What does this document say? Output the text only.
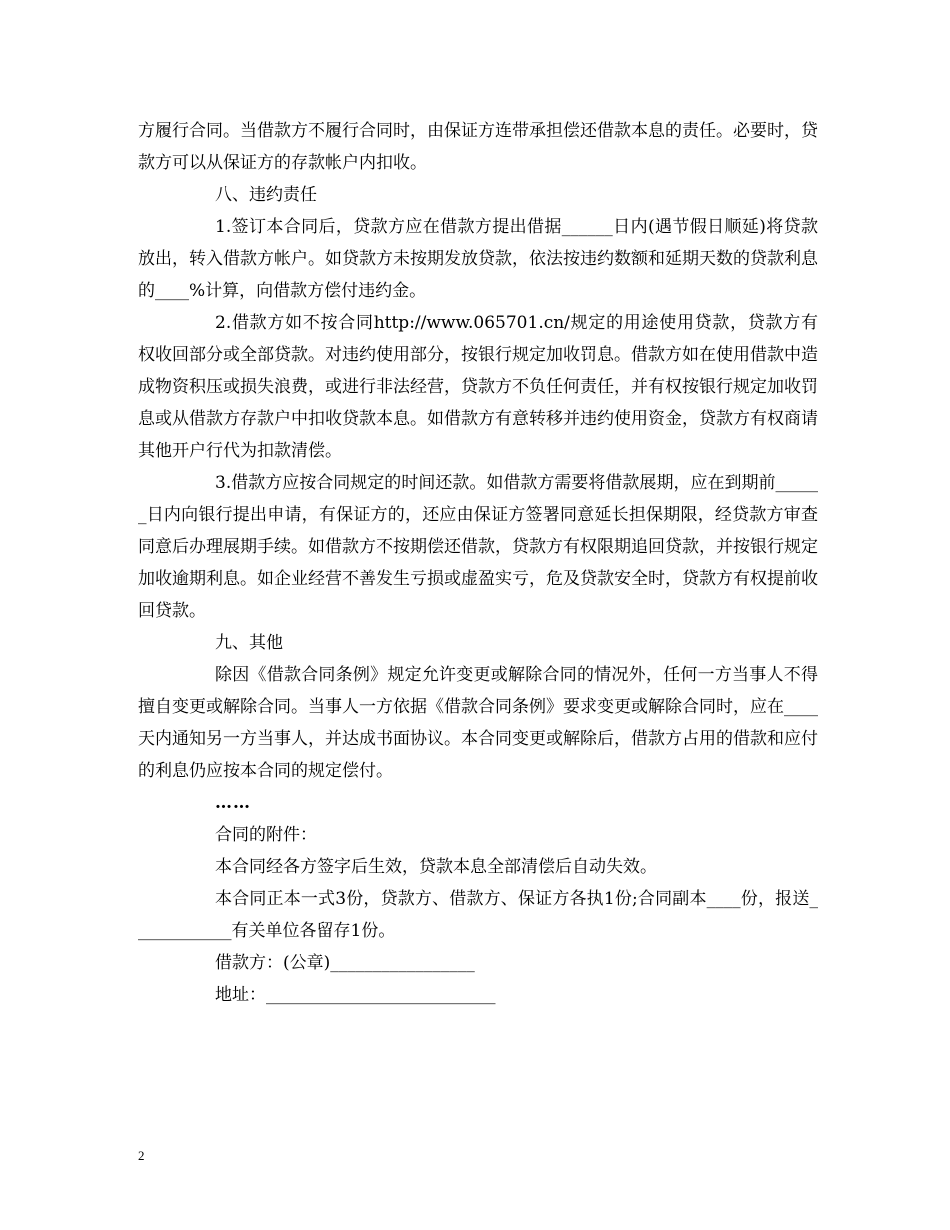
方履行合同。当借款方不履行合同时，由保证方连带承担偿还借款本息的责任。必要时，贷款方可以从保证方的存款帐户内扣收。

八、违约责任

1.签订本合同后，贷款方应在借款方提出借据______日内(遇节假日顺延)将贷款放出，转入借款方帐户。如贷款方未按期发放贷款，依法按违约数额和延期天数的贷款利息的____%计算，向借款方偿付违约金。

2.借款方如不按合同http://www.065701.cn/规定的用途使用贷款，贷款方有权收回部分或全部贷款。对违约使用部分，按银行规定加收罚息。借款方如在使用借款中造成物资积压或损失浪费，或进行非法经营，贷款方不负任何责任，并有权按银行规定加收罚息或从借款方存款户中扣收贷款本息。如借款方有意转移并违约使用资金，贷款方有权商请其他开户行代为扣款清偿。

3.借款方应按合同规定的时间还款。如借款方需要将借款展期，应在到期前______日内向银行提出申请，有保证方的，还应由保证方签署同意延长担保期限，经贷款方审查同意后办理展期手续。如借款方不按期偿还借款，贷款方有权限期追回贷款，并按银行规定加收逾期利息。如企业经营不善发生亏损或虚盈实亏，危及贷款安全时，贷款方有权提前收回贷款。

九、其他

除因《借款合同条例》规定允许变更或解除合同的情况外，任何一方当事人不得擅自变更或解除合同。当事人一方依据《借款合同条例》要求变更或解除合同时，应在____天内通知另一方当事人，并达成书面协议。本合同变更或解除后，借款方占用的借款和应付的利息仍应按本合同的规定偿付。

……

合同的附件：

本合同经各方签字后生效，贷款本息全部清偿后自动失效。

本合同正本一式3份，贷款方、借款方、保证方各执1份;合同副本____份，报送____________有关单位各留存1份。

借款方：(公章)_________________

地址：___________________________

2
